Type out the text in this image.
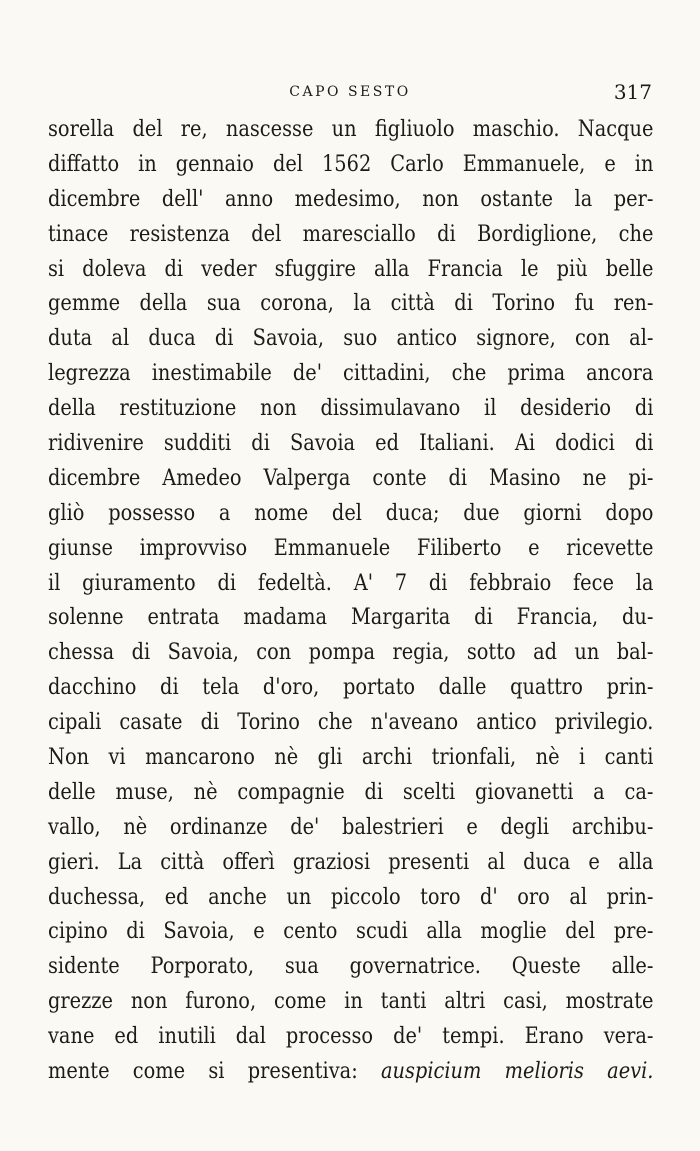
CAPO SESTO	317
sorella del re, nascesse un figliuolo maschio. Nacque
diffatto in gennaio del 1562 Carlo Emmanuele, e in
dicembre dell' anno medesimo, non ostante la per-
tinace resistenza del maresciallo di Bordiglione, che
si doleva di veder sfuggire alla Francia le più belle
gemme della sua corona, la città di Torino fu ren-
duta al duca di Savoia, suo antico signore, con al-
legrezza inestimabile de' cittadini, che prima ancora
della restituzione non dissimulavano il desiderio di
ridivenire sudditi di Savoia ed Italiani. Ai dodici di
dicembre Amedeo Valperga conte di Masino ne pi-
gliò possesso a nome del duca; due giorni dopo
giunse improvviso Emmanuele Filiberto e ricevette
il giuramento di fedeltà. A' 7 di febbraio fece la
solenne entrata madama Margarita di Francia, du-
chessa di Savoia, con pompa regia, sotto ad un bal-
dacchino di tela d'oro, portato dalle quattro prin-
cipali casate di Torino che n'aveano antico privilegio.
Non vi mancarono nè gli archi trionfali, nè i canti
delle muse, nè compagnie di scelti giovanetti a ca-
vallo, nè ordinanze de' balestrieri e degli archibu-
gieri. La città offerì graziosi presenti al duca e alla
duchessa, ed anche un piccolo toro d' oro al prin-
cipino di Savoia, e cento scudi alla moglie del pre-
sidente Porporato, sua governatrice. Queste alle-
grezze non furono, come in tanti altri casi, mostrate
vane ed inutili dal processo de' tempi. Erano vera-
mente come si presentiva: auspicium melioris aevi.
